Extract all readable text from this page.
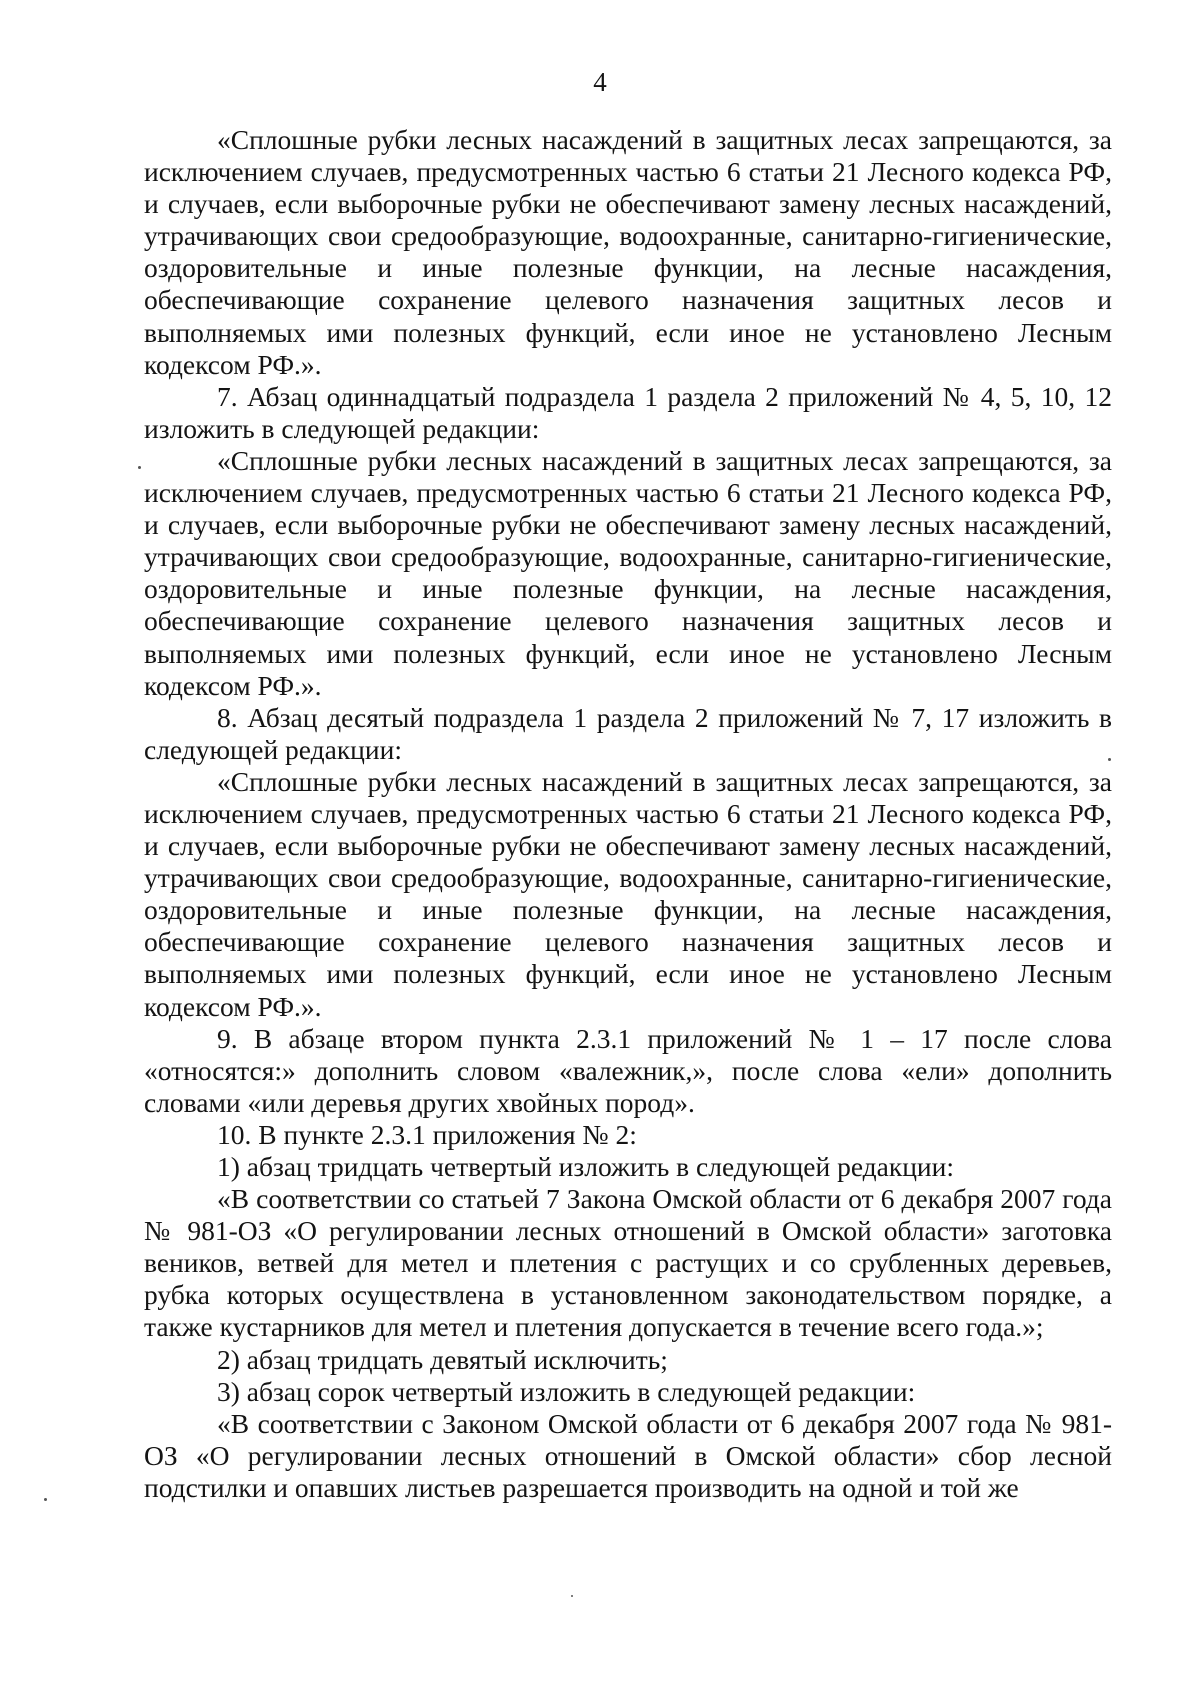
4

«Сплошные рубки лесных насаждений в защитных лесах запрещаются, за исключением случаев, предусмотренных частью 6 статьи 21 Лесного кодекса РФ, и случаев, если выборочные рубки не обеспечивают замену лесных насаждений, утрачивающих свои средообразующие, водоохранные, санитарно-гигиенические, оздоровительные и иные полезные функции, на лесные насаждения, обеспечивающие сохранение целевого назначения защитных лесов и выполняемых ими полезных функций, если иное не установлено Лесным кодексом РФ.».

7. Абзац одиннадцатый подраздела 1 раздела 2 приложений № 4, 5, 10, 12 изложить в следующей редакции:

«Сплошные рубки лесных насаждений в защитных лесах запрещаются, за исключением случаев, предусмотренных частью 6 статьи 21 Лесного кодекса РФ, и случаев, если выборочные рубки не обеспечивают замену лесных насаждений, утрачивающих свои средообразующие, водоохранные, санитарно-гигиенические, оздоровительные и иные полезные функции, на лесные насаждения, обеспечивающие сохранение целевого назначения защитных лесов и выполняемых ими полезных функций, если иное не установлено Лесным кодексом РФ.».

8. Абзац десятый подраздела 1 раздела 2 приложений № 7, 17 изложить в следующей редакции:

«Сплошные рубки лесных насаждений в защитных лесах запрещаются, за исключением случаев, предусмотренных частью 6 статьи 21 Лесного кодекса РФ, и случаев, если выборочные рубки не обеспечивают замену лесных насаждений, утрачивающих свои средообразующие, водоохранные, санитарно-гигиенические, оздоровительные и иные полезные функции, на лесные насаждения, обеспечивающие сохранение целевого назначения защитных лесов и выполняемых ими полезных функций, если иное не установлено Лесным кодексом РФ.».

9. В абзаце втором пункта 2.3.1 приложений № 1 – 17 после слова «относятся:» дополнить словом «валежник,», после слова «ели» дополнить словами «или деревья других хвойных пород».

10. В пункте 2.3.1 приложения № 2:

1) абзац тридцать четвертый изложить в следующей редакции:

«В соответствии со статьей 7 Закона Омской области от 6 декабря 2007 года № 981-ОЗ «О регулировании лесных отношений в Омской области» заготовка веников, ветвей для метел и плетения с растущих и со срубленных деревьев, рубка которых осуществлена в установленном законодательством порядке, а также кустарников для метел и плетения допускается в течение всего года.»;

2) абзац тридцать девятый исключить;

3) абзац сорок четвертый изложить в следующей редакции:

«В соответствии с Законом Омской области от 6 декабря 2007 года № 981-ОЗ «О регулировании лесных отношений в Омской области» сбор лесной подстилки и опавших листьев разрешается производить на одной и той же
